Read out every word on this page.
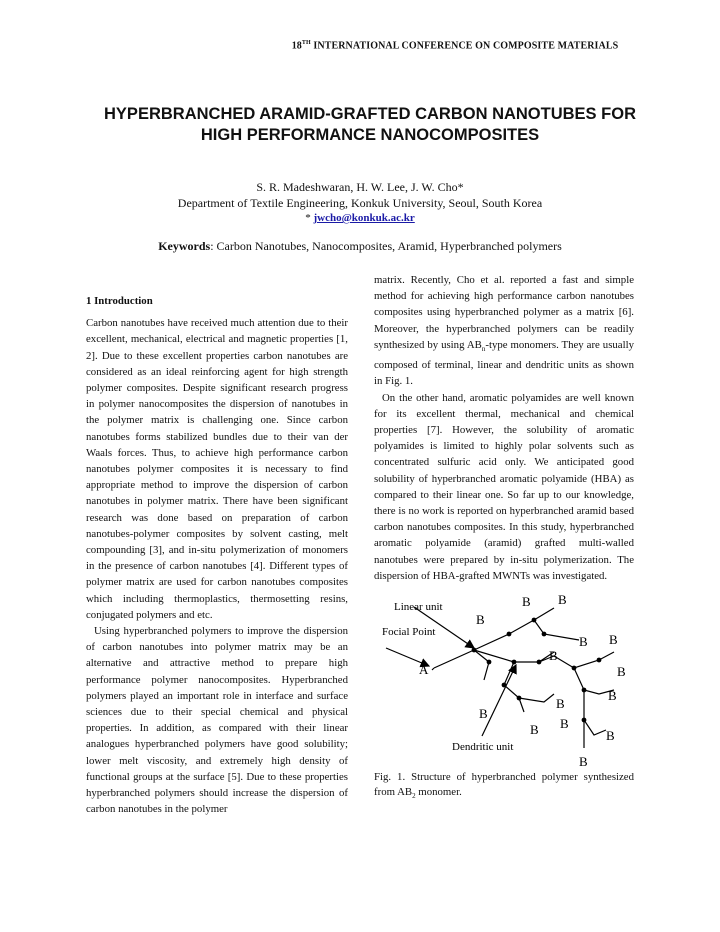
18TH INTERNATIONAL CONFERENCE ON COMPOSITE MATERIALS
HYPERBRANCHED ARAMID-GRAFTED CARBON NANOTUBES FOR HIGH PERFORMANCE NANOCOMPOSITES
S. R. Madeshwaran, H. W. Lee, J. W. Cho*
Department of Textile Engineering, Konkuk University, Seoul, South Korea
* jwcho@konkuk.ac.kr
Keywords: Carbon Nanotubes, Nanocomposites, Aramid, Hyperbranched polymers

1 Introduction

Carbon nanotubes have received much attention due to their excellent, mechanical, electrical and magnetic properties [1, 2]. Due to these excellent properties carbon nanotubes are considered as an ideal reinforcing agent for high strength polymer composites. Despite significant research progress in polymer nanocomposites the dispersion of nanotubes in the polymer matrix is challenging one. Since carbon nanotubes forms stabilized bundles due to their van der Waals forces. Thus, to achieve high performance carbon nanotubes polymer composites it is necessary to find appropriate method to improve the dispersion of carbon nanotubes in polymer matrix. There have been significant research was done based on preparation of carbon nanotubes-polymer composites by solvent casting, melt compounding [3], and in-situ polymerization of monomers in the presence of carbon nanotubes [4]. Different types of polymer matrix are used for carbon nanotubes composites which including thermoplastics, thermosetting resins, conjugated polymers and etc.

Using hyperbranched polymers to improve the dispersion of carbon nanotubes into polymer matrix may be an alternative and attractive method to prepare high performance polymer nanocomposites. Hyperbranched polymers played an important role in interface and surface sciences due to their special chemical and physical properties. In addition, as compared with their linear analogues hyperbranched polymers have good solubility; lower melt viscosity, and extremely high density of functional groups at the surface [5]. Due to these properties hyperbranched polymers should increase the dispersion of carbon nanotubes in the polymer

matrix. Recently, Cho et al. reported a fast and simple method for achieving high performance carbon nanotubes composites using hyperbranched polymer as a matrix [6]. Moreover, the hyperbranched polymers can be readily synthesized by using $AB_n$-type monomers. They are usually composed of terminal, linear and dendritic units as shown in Fig. 1.

On the other hand, aromatic polyamides are well known for its excellent thermal, mechanical and chemical properties [7]. However, the solubility of aromatic polyamides is limited to highly polar solvents such as concentrated sulfuric acid only. We anticipated good solubility of hyperbranched aromatic polyamide (HBA) as compared to their linear one. So far up to our knowledge, there is no work is reported on hyperbranched aramid based carbon nanotubes composites. In this study, hyperbranched aromatic polyamide (aramid) grafted multi-walled nanotubes were prepared by in-situ polymerization. The dispersion of HBA-grafted MWNTs was investigated.

Linear unit
Focial Point
A
B B
B
B B
B
B
B
B
B
B B
B
B
Dendritic unit
Fig. 1. Structure of hyperbranched polymer synthesized from $AB_2$ monomer.
